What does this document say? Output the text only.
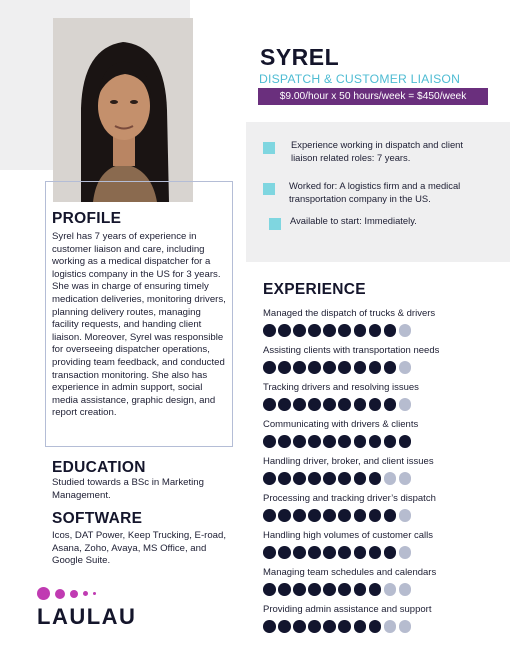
SYREL
DISPATCH & CUSTOMER LIAISON
$9.00/hour x 50 hours/week = $450/week
Experience working in dispatch and client liaison related roles: 7 years.
Worked for: A logistics firm and a medical transportation company in the US.
Available to start: Immediately.
PROFILE
Syrel has 7 years of experience in customer liaison and care, including working as a medical dispatcher for a logistics company in the US for 3 years. She was in charge of ensuring timely medication deliveries, monitoring drivers, planning delivery routes, managing facility requests, and handing client liaison. Moreover, Syrel was responsible for overseeing dispatcher operations, providing team feedback, and conducted transaction monitoring. She also has experience in admin support, social media assistance, graphic design, and report creation.
EDUCATION
Studied towards a BSc in Marketing Management.
SOFTWARE
Icos, DAT Power, Keep Trucking, E-road, Asana, Zoho, Avaya, MS Office, and Google Suite.
EXPERIENCE
Managed the dispatch of trucks & drivers
Assisting clients with transportation needs
Tracking drivers and resolving issues
Communicating with drivers & clients
Handling driver, broker, and client issues
Processing and tracking driver’s dispatch
Handling high volumes of customer calls
Managing team schedules and calendars
Providing admin assistance and support
LAULAU
